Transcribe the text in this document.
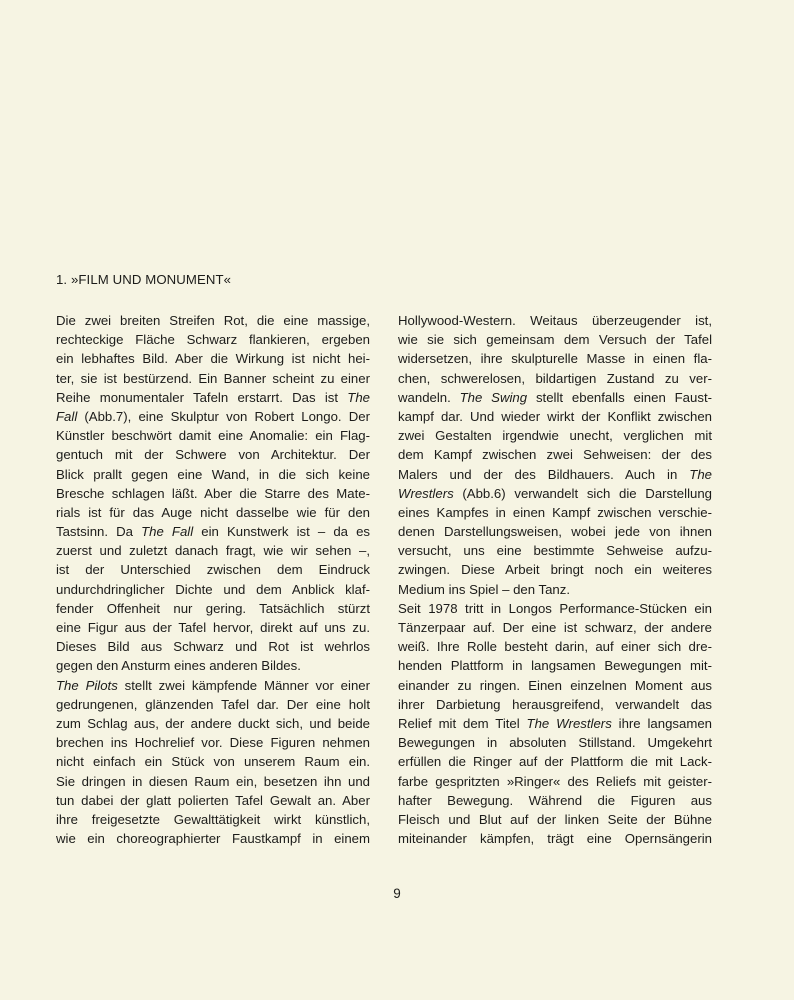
1. »FILM UND MONUMENT«
Die zwei breiten Streifen Rot, die eine massige,
rechteckige Fläche Schwarz flankieren, ergeben
ein lebhaftes Bild. Aber die Wirkung ist nicht hei-
ter, sie ist bestürzend. Ein Banner scheint zu einer
Reihe monumentaler Tafeln erstarrt. Das ist The
Fall (Abb.7), eine Skulptur von Robert Longo. Der
Künstler beschwört damit eine Anomalie: ein Flag-
gentuch mit der Schwere von Architektur. Der
Blick prallt gegen eine Wand, in die sich keine
Bresche schlagen läßt. Aber die Starre des Mate-
rials ist für das Auge nicht dasselbe wie für den
Tastsinn. Da The Fall ein Kunstwerk ist – da es
zuerst und zuletzt danach fragt, wie wir sehen –,
ist der Unterschied zwischen dem Eindruck
undurchdringlicher Dichte und dem Anblick klaf-
fender Offenheit nur gering. Tatsächlich stürzt
eine Figur aus der Tafel hervor, direkt auf uns zu.
Dieses Bild aus Schwarz und Rot ist wehrlos
gegen den Ansturm eines anderen Bildes.
The Pilots stellt zwei kämpfende Männer vor einer
gedrungenen, glänzenden Tafel dar. Der eine holt
zum Schlag aus, der andere duckt sich, und beide
brechen ins Hochrelief vor. Diese Figuren nehmen
nicht einfach ein Stück von unserem Raum ein.
Sie dringen in diesen Raum ein, besetzen ihn und
tun dabei der glatt polierten Tafel Gewalt an. Aber
ihre freigesetzte Gewalttätigkeit wirkt künstlich,
wie ein choreographierter Faustkampf in einem
Hollywood-Western. Weitaus überzeugender ist,
wie sie sich gemeinsam dem Versuch der Tafel
widersetzen, ihre skulpturelle Masse in einen fla-
chen, schwerelosen, bildartigen Zustand zu ver-
wandeln. The Swing stellt ebenfalls einen Faust-
kampf dar. Und wieder wirkt der Konflikt zwischen
zwei Gestalten irgendwie unecht, verglichen mit
dem Kampf zwischen zwei Sehweisen: der des
Malers und der des Bildhauers. Auch in The
Wrestlers (Abb.6) verwandelt sich die Darstellung
eines Kampfes in einen Kampf zwischen verschie-
denen Darstellungsweisen, wobei jede von ihnen
versucht, uns eine bestimmte Sehweise aufzu-
zwingen. Diese Arbeit bringt noch ein weiteres
Medium ins Spiel – den Tanz.
Seit 1978 tritt in Longos Performance-Stücken ein
Tänzerpaar auf. Der eine ist schwarz, der andere
weiß. Ihre Rolle besteht darin, auf einer sich dre-
henden Plattform in langsamen Bewegungen mit-
einander zu ringen. Einen einzelnen Moment aus
ihrer Darbietung herausgreifend, verwandelt das
Relief mit dem Titel The Wrestlers ihre langsamen
Bewegungen in absoluten Stillstand. Umgekehrt
erfüllen die Ringer auf der Plattform die mit Lack-
farbe gespritzten »Ringer« des Reliefs mit geister-
hafter Bewegung. Während die Figuren aus
Fleisch und Blut auf der linken Seite der Bühne
miteinander kämpfen, trägt eine Opernsängerin
9
